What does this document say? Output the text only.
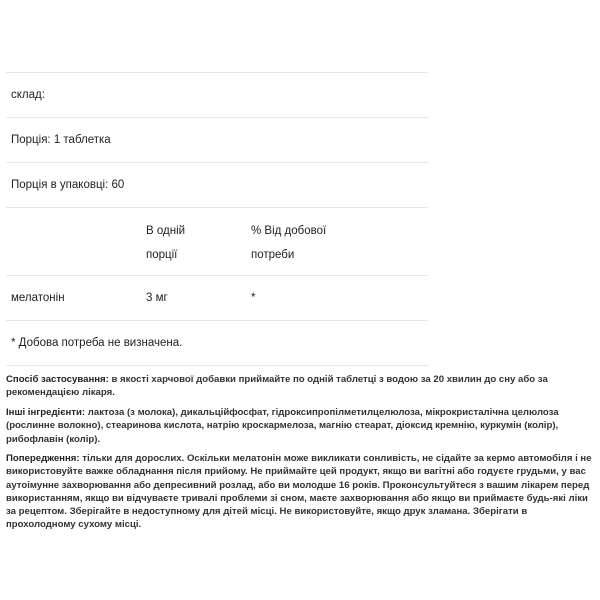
склад:
Порція: 1 таблетка
Порція в упаковці: 60
В одній
порції
% Від добової
потреби
мелатонін	3 мг	*
* Добова потреба не визначена.

Спосіб застосування: в якості харчової добавки приймайте по одній таблетці з водою за 20 хвилин до сну або за рекомендацією лікаря.

Інші інгредієнти: лактоза (з молока), дикальційфосфат, гідроксипропілметилцелюлоза, мікрокристалічна целюлоза (рослинне волокно), стеаринова кислота, натрію кроскармелоза, магнію стеарат, діоксид кремнію, куркумін (колір), рибофлавін (колір).

Попередження: тільки для дорослих. Оскільки мелатонін може викликати сонливість, не сідайте за кермо автомобіля і не використовуйте важке обладнання після прийому. Не приймайте цей продукт, якщо ви вагітні або годуєте грудьми, у вас аутоімунне захворювання або депресивний розлад, або ви молодше 16 років. Проконсультуйтеся з вашим лікарем перед використанням, якщо ви відчуваєте тривалі проблеми зі сном, маєте захворювання або якщо ви приймаєте будь-які ліки за рецептом. Зберігайте в недоступному для дітей місці. Не використовуйте, якщо друк зламана. Зберігати в прохолодному сухому місці.
